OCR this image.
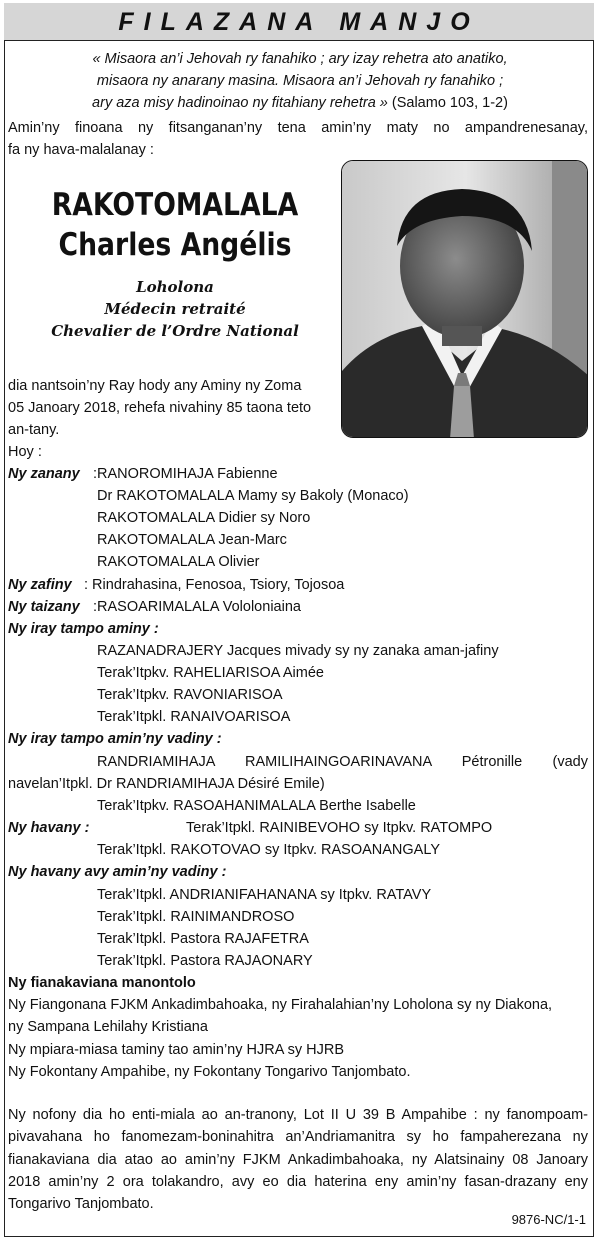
FILAZANA MANJO
« Misaora an’i Jehovah ry fanahiko ; ary izay rehetra ato anatiko,
misaora ny anarany masina. Misaora an’i Jehovah ry fanahiko ;
ary aza misy hadinoinao ny fitahiany rehetra » (Salamo 103, 1-2)
Amin’ny finoana ny fitsanganan’ny tena amin’ny maty no ampandrenesanay,
fa ny hava-malalanay :
RAKOTOMALALA
Charles Angélis
Loholona
Médecin retraité
Chevalier de l’Ordre National
dia nantsoin’ny Ray hody any Aminy ny Zoma
05 Janoary 2018, rehefa nivahiny 85 taona teto
an-tany.
Hoy :
Ny zanany :RANOROMIHAJA Fabienne
Dr RAKOTOMALALA Mamy sy Bakoly (Monaco)
RAKOTOMALALA Didier sy Noro
RAKOTOMALALA Jean-Marc
RAKOTOMALALA Olivier
Ny zafiny : Rindrahasina, Fenosoa, Tsiory, Tojosoa
Ny taizany :RASOARIMALALA Vololoniaina
Ny iray tampo aminy :
RAZANADRAJERY Jacques mivady sy ny zanaka aman-jafiny
Terak’Itpkv. RAHELIARISOA Aimée
Terak’Itpkv. RAVONIARISOA
Terak’Itpkl. RANAIVOARISOA
Ny iray tampo amin’ny vadiny :
RANDRIAMIHAJA RAMILIHAINGOARINAVANA Pétronille (vady
navelan’Itpkl. Dr RANDRIAMIHAJA Désiré Emile)
Terak’Itpkv. RASOAHANIMALALA Berthe Isabelle
Ny havany :	Terak’Itpkl. RAINIBEVOHO sy Itpkv. RATOMPO
Terak’Itpkl. RAKOTOVAO sy Itpkv. RASOANANGALY
Ny havany avy amin’ny vadiny :
Terak’Itpkl. ANDRIANIFAHANANA sy Itpkv. RATAVY
Terak’Itpkl. RAINIMANDROSO
Terak’Itpkl. Pastora RAJAFETRA
Terak’Itpkl. Pastora RAJAONARY
Ny fianakaviana manontolo
Ny Fiangonana FJKM Ankadimbahoaka, ny Firahalahian’ny Loholona sy ny Diakona,
ny Sampana Lehilahy Kristiana
Ny mpiara-miasa taminy tao amin’ny HJRA sy HJRB
Ny Fokontany Ampahibe, ny Fokontany Tongarivo Tanjombato.
Ny nofony dia ho enti-miala ao an-tranony, Lot II U 39 B Ampahibe : ny fanompoam-
pivavahana ho fanomezam-boninahitra an’Andriamanitra sy ho fampaherezana ny
fianakaviana dia atao ao amin’ny FJKM Ankadimbahoaka, ny Alatsinainy 08 Janoary
2018 amin’ny 2 ora tolakandro, avy eo dia haterina eny amin’ny fasan-drazany eny
Tongarivo Tanjombato.
9876-NC/1-1
